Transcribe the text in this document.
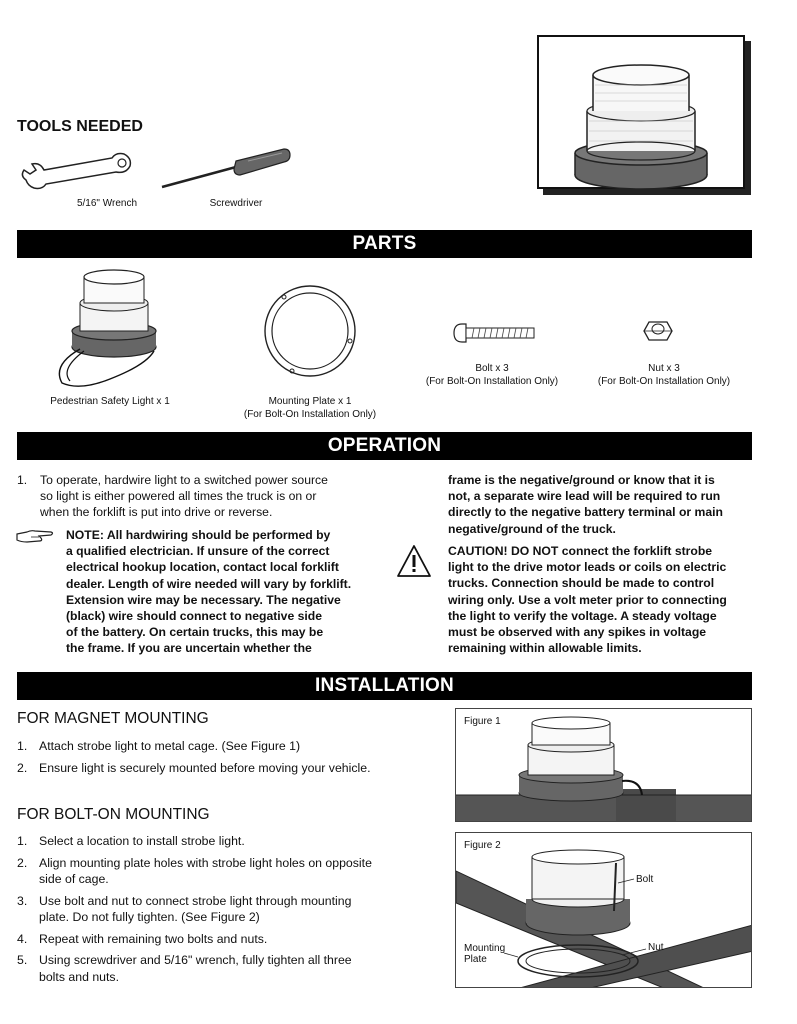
TOOLS NEEDED
5/16" Wrench	Screwdriver
PARTS
Pedestrian Safety Light x 1	Mounting Plate x 1
(For Bolt-On Installation Only)
Bolt x 3
(For Bolt-On Installation Only)
Nut x 3
(For Bolt-On Installation Only)
OPERATION
1. To operate, hardwire light to a switched power source
so light is either powered all times the truck is on or
when the forklift is put into drive or reverse.
NOTE: All hardwiring should be performed by
a qualified electrician. If unsure of the correct
electrical hookup location, contact local forklift
dealer. Length of wire needed will vary by forklift.
Extension wire may be necessary. The negative
(black) wire should connect to negative side
of the battery. On certain trucks, this may be
the frame. If you are uncertain whether the
frame is the negative/ground or know that it is
not, a separate wire lead will be required to run
directly to the negative battery terminal or main
negative/ground of the truck.
CAUTION! DO NOT connect the forklift strobe
light to the drive motor leads or coils on electric
trucks. Connection should be made to control
wiring only. Use a volt meter prior to connecting
the light to verify the voltage. A steady voltage
must be observed with any spikes in voltage
remaining within allowable limits.
INSTALLATION
FOR MAGNET MOUNTING
1. Attach strobe light to metal cage. (See Figure 1)
2. Ensure light is securely mounted before moving your vehicle.
FOR BOLT-ON MOUNTING
1. Select a location to install strobe light.
2. Align mounting plate holes with strobe light holes on opposite side of cage.
3. Use bolt and nut to connect strobe light through mounting plate. Do not fully tighten. (See Figure 2)
4. Repeat with remaining two bolts and nuts.
5. Using screwdriver and 5/16" wrench, fully tighten all three bolts and nuts.
Figure 1
Figure 2
Bolt
Nut
Mounting
Plate
